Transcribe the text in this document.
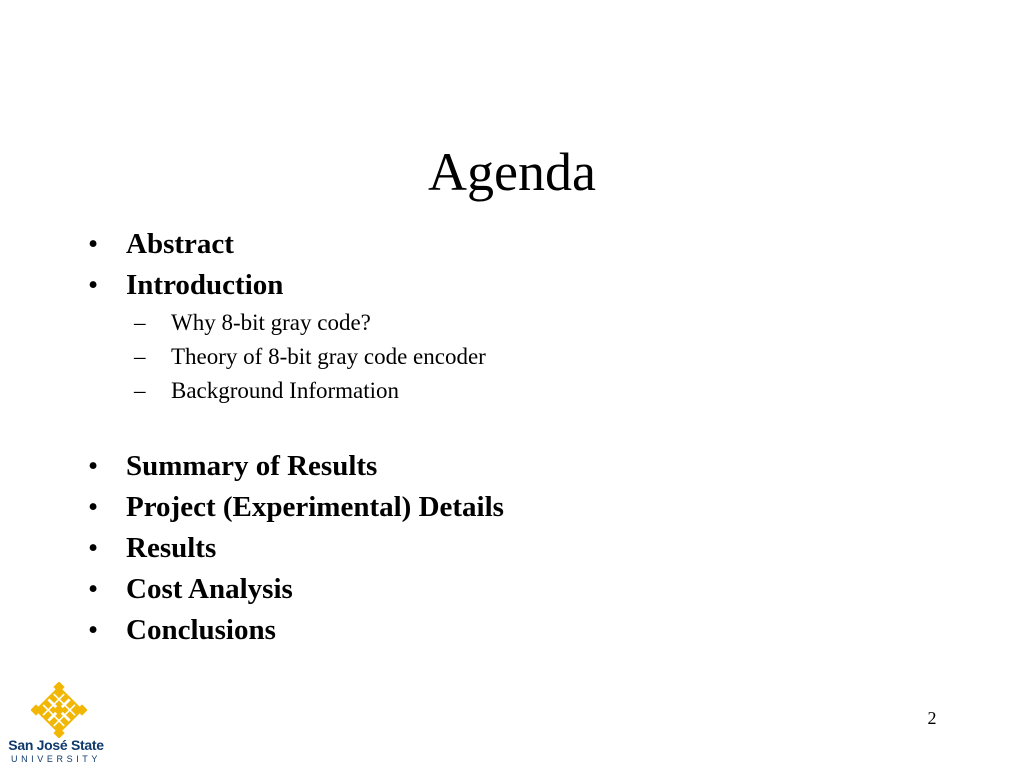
Agenda
• Abstract
• Introduction
– Why 8-bit gray code?
– Theory of 8-bit gray code encoder
– Background Information
• Summary of Results
• Project (Experimental) Details
• Results
• Cost Analysis
• Conclusions
San José State
UNIVERSITY
2
